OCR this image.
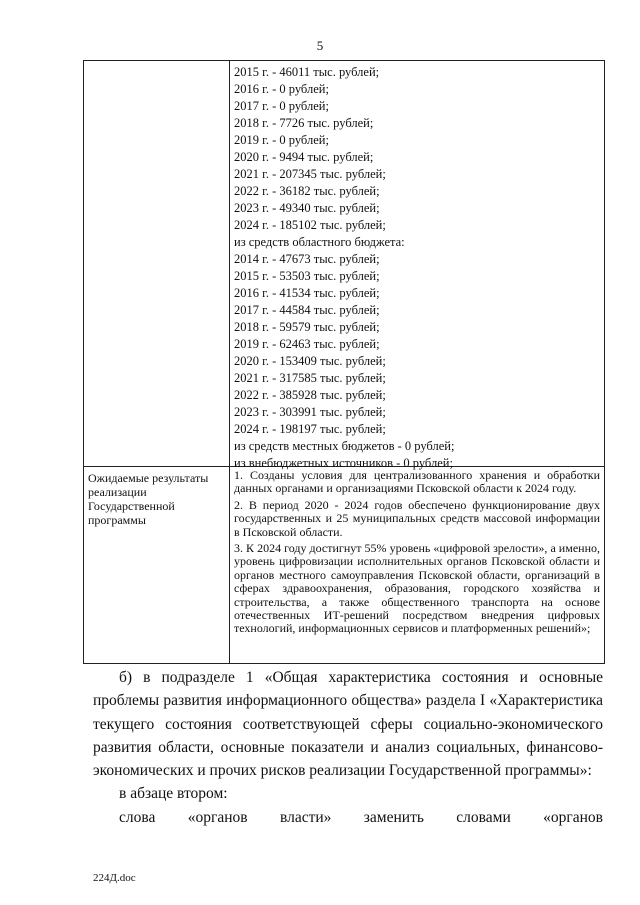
5
2015 г. - 46011 тыс. рублей;
2016 г. - 0 рублей;
2017 г. - 0 рублей;
2018 г. - 7726 тыс. рублей;
2019 г. - 0 рублей;
2020 г. - 9494 тыс. рублей;
2021 г. - 207345 тыс. рублей;
2022 г. - 36182 тыс. рублей;
2023 г. - 49340 тыс. рублей;
2024 г. - 185102 тыс. рублей;
из средств областного бюджета:
2014 г. - 47673 тыс. рублей;
2015 г. - 53503 тыс. рублей;
2016 г. - 41534 тыс. рублей;
2017 г. - 44584 тыс. рублей;
2018 г. - 59579 тыс. рублей;
2019 г. - 62463 тыс. рублей;
2020 г. - 153409 тыс. рублей;
2021 г. - 317585 тыс. рублей;
2022 г. - 385928 тыс. рублей;
2023 г. - 303991 тыс. рублей;
2024 г. - 198197 тыс. рублей;
из средств местных бюджетов - 0 рублей;
из внебюджетных источников - 0 рублей;
Ожидаемые результаты реализации Государственной программы
1. Созданы условия для централизованного хранения и обработки данных органами и организациями Псковской области к 2024 году.
2. В период 2020 - 2024 годов обеспечено функционирование двух государственных и 25 муниципальных средств массовой информации в Псковской области.
3. К 2024 году достигнут 55% уровень «цифровой зрелости», а именно, уровень цифровизации исполнительных органов Псковской области и органов местного самоуправления Псковской области, организаций в сферах здравоохранения, образования, городского хозяйства и строительства, а также общественного транспорта на основе отечественных ИТ-решений посредством внедрения цифровых технологий, информационных сервисов и платформенных решений»;
б) в подразделе 1 «Общая характеристика состояния и основные проблемы развития информационного общества» раздела I «Характеристика текущего состояния соответствующей сферы социально-экономического развития области, основные показатели и анализ социальных, финансово-экономических и прочих рисков реализации Государственной программы»:
в абзаце втором:
слова «органов власти» заменить словами «органов
224Д.doc
